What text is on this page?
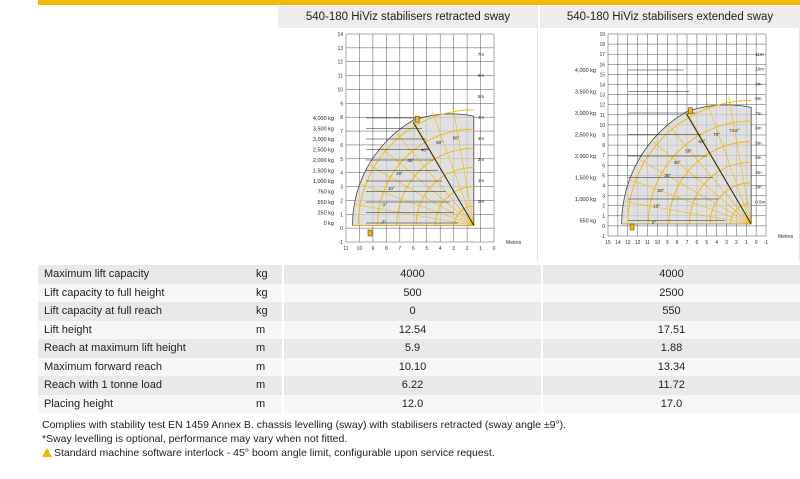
540-180 HiViz stabilisers retracted sway	540-180 HiViz stabilisers extended sway
11 10 9 8 7 6 5 4 3 2 1 0
14
13
12
11
10
9
8
7
6
5
4
3
2
1
0
-1	Metres
4,000 kg
3,500 kg
3,000 kg
2,500 kg
2,000 kg
1,500 kg
1,000 kg
750 kg
550 kg
250 kg
0 kg
58°
50°
40°
30°
20°
10°
0°
-3°
7m
6m
5m
4m
3m
2m
1m
0m
15 14 13 12 11 10 9 8 7 6 5 4 3 2 1 0 -1
19
18
17
16
15
14
13
12
11
10
9
8
7
6
5
4
3
2
1
0
-1	Metres
4,000 kg
3,500 kg
3,000 kg
2,500 kg
2,000 kg
1,500 kg
1,000 kg
550 kg
73.6°
70°
60°
50°
40°
30°
20°
10°
0°
11m
10m
9m
8m
7m
6m
5m
4m
3m
2m
0.5m
Maximum lift capacity	kg		4000		4000
Lift capacity to full height	kg		500		2500
Lift capacity at full reach	kg		0		550
Lift height	m		12.54		17.51
Reach at maximum lift height	m		5.9		1.88
Maximum forward reach	m		10.10		13.34
Reach with 1 tonne load	m		6.22		11.72
Placing height	m		12.0		17.0
Complies with stability test EN 1459 Annex B. chassis levelling (sway) with stabilisers retracted (sway angle ±9°).
*Sway levelling is optional, performance may vary when not fitted.
Standard machine software interlock - 45° boom angle limit, configurable upon service request.
